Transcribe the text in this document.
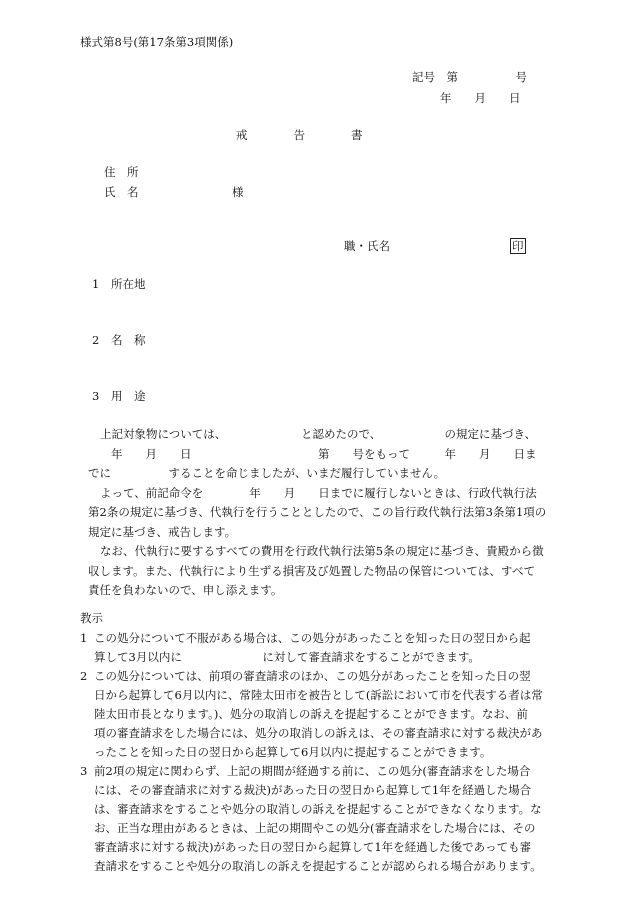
様式第8号(第17条第3項関係)
記号　第　　　　　号
年　　月　　日
戒　　　　告　　　　書
住　所
氏　名	様
職・氏名	印
1 所在地
2 名　称
3 用　途
上記対象物については、　　　　　　　と認めたので、　　　　　　の規定に基づき、
　　年　　月　　日　　　　　　　　　　　第　　号をもって　　　年　　月　　日ま
でに　　　　　することを命じましたが、いまだ履行していません。
よって、前記命令を　　　　年　　月　　日までに履行しないときは、行政代執行法
第2条の規定に基づき、代執行を行うこととしたので、この旨行政代執行法第3条第1項の
規定に基づき、戒告します。
なお、代執行に要するすべての費用を行政代執行法第5条の規定に基づき、貴殿から徴
収します。また、代執行により生ずる損害及び処置した物品の保管については、すべて
責任を負わないので、申し添えます。
教示
1 この処分について不服がある場合は、この処分があったことを知った日の翌日から起
算して3月以内に　　　　　　　に対して審査請求をすることができます。
2 この処分については、前項の審査請求のほか、この処分があったことを知った日の翌
日から起算して6月以内に、常陸太田市を被告として(訴訟において市を代表する者は常
陸太田市長となります。)、処分の取消しの訴えを提起することができます。なお、前
項の審査請求をした場合には、処分の取消しの訴えは、その審査請求に対する裁決があ
ったことを知った日の翌日から起算して6月以内に提起することができます。
3 前2項の規定に関わらず、上記の期間が経過する前に、この処分(審査請求をした場合
には、その審査請求に対する裁決)があった日の翌日から起算して1年を経過した場合
は、審査請求をすることや処分の取消しの訴えを提起することができなくなります。な
お、正当な理由があるときは、上記の期間やこの処分(審査請求をした場合には、その
審査請求に対する裁決)があった日の翌日から起算して1年を経過した後であっても審
査請求をすることや処分の取消しの訴えを提起することが認められる場合があります。
